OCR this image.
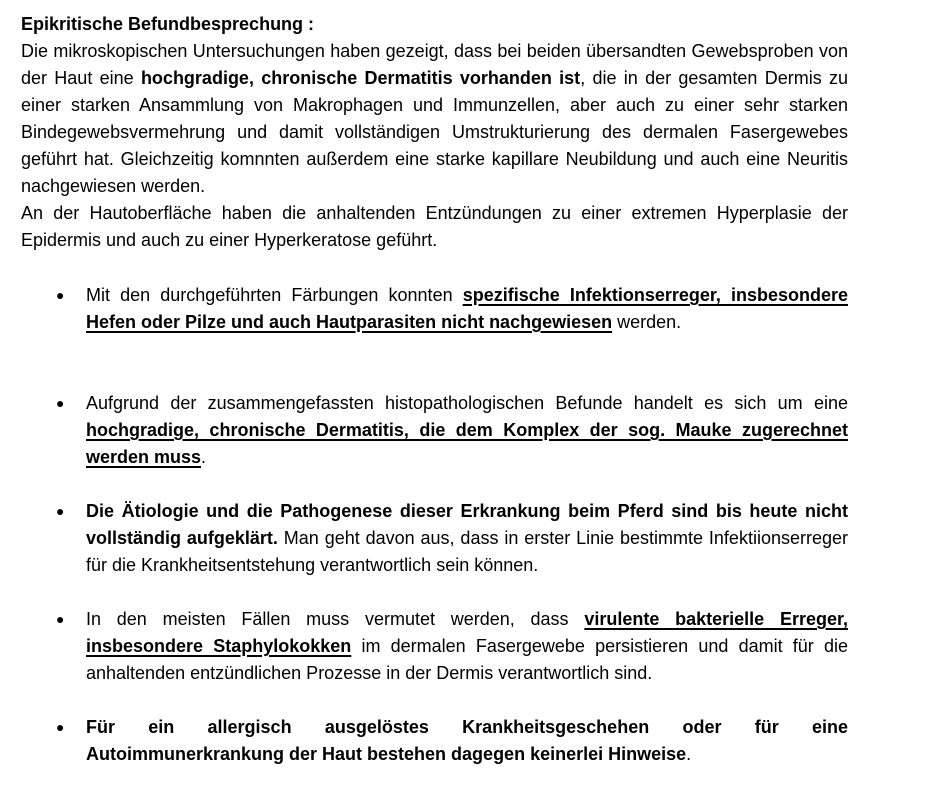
Epikritische Befundbesprechung :

Die mikroskopischen Untersuchungen haben gezeigt, dass bei beiden übersandten Gewebsproben von der Haut eine hochgradige, chronische Dermatitis vorhanden ist, die in der gesamten Dermis zu einer starken Ansammlung von Makrophagen und Immunzellen, aber auch zu einer sehr starken Bindegewebsvermehrung und damit vollständigen Umstrukturierung des dermalen Fasergewebes geführt hat. Gleichzeitig komnnten außerdem eine starke kapillare Neubildung und auch eine Neuritis nachgewiesen werden.

An der Hautoberfläche haben die anhaltenden Entzündungen zu einer extremen Hyperplasie der Epidermis und auch zu einer Hyperkeratose geführt.

●	Mit den durchgeführten Färbungen konnten spezifische Infektionserreger, insbesondere Hefen oder Pilze und auch Hautparasiten nicht nachgewiesen werden.
●	Aufgrund der zusammengefassten histopathologischen Befunde handelt es sich um eine hochgradige, chronische Dermatitis, die dem Komplex der sog. Mauke zugerechnet werden muss.
●	Die Ätiologie und die Pathogenese dieser Erkrankung beim Pferd sind bis heute nicht vollständig aufgeklärt. Man geht davon aus, dass in erster Linie bestimmte Infektiionserreger für die Krankheitsentstehung verantwortlich sein können.
●	In den meisten Fällen muss vermutet werden, dass virulente bakterielle Erreger, insbesondere Staphylokokken im dermalen Fasergewebe persistieren und damit für die anhaltenden entzündlichen Prozesse in der Dermis verantwortlich sind.
●	Für ein allergisch ausgelöstes Krankheitsgeschehen oder für eine Autoimmunerkrankung der Haut bestehen dagegen keinerlei Hinweise.
